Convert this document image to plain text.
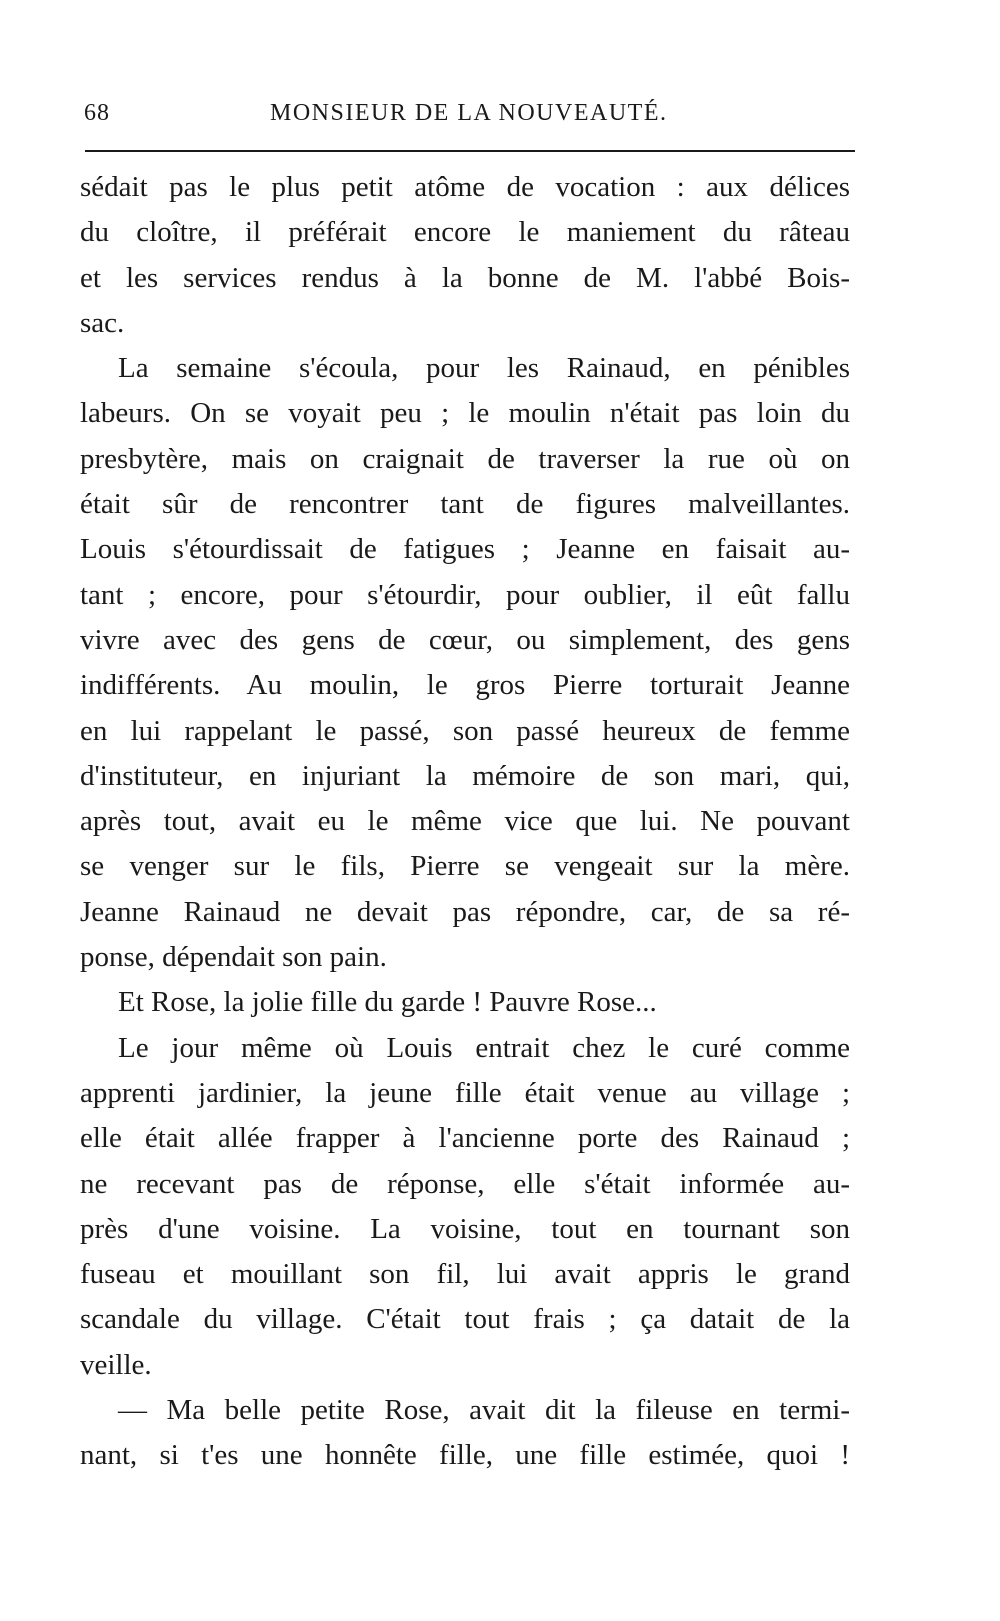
68	MONSIEUR DE LA NOUVEAUTÉ.
sédait pas le plus petit atôme de vocation : aux délices
du cloître, il préférait encore le maniement du râteau
et les services rendus à la bonne de M. l'abbé Bois-
sac.
La semaine s'écoula, pour les Rainaud, en pénibles
labeurs. On se voyait peu ; le moulin n'était pas loin du
presbytère, mais on craignait de traverser la rue où on
était sûr de rencontrer tant de figures malveillantes.
Louis s'étourdissait de fatigues ; Jeanne en faisait au-
tant ; encore, pour s'étourdir, pour oublier, il eût fallu
vivre avec des gens de cœur, ou simplement, des gens
indifférents. Au moulin, le gros Pierre torturait Jeanne
en lui rappelant le passé, son passé heureux de femme
d'instituteur, en injuriant la mémoire de son mari, qui,
après tout, avait eu le même vice que lui. Ne pouvant
se venger sur le fils, Pierre se vengeait sur la mère.
Jeanne Rainaud ne devait pas répondre, car, de sa ré-
ponse, dépendait son pain.
Et Rose, la jolie fille du garde ! Pauvre Rose...
Le jour même où Louis entrait chez le curé comme
apprenti jardinier, la jeune fille était venue au village ;
elle était allée frapper à l'ancienne porte des Rainaud ;
ne recevant pas de réponse, elle s'était informée au-
près d'une voisine. La voisine, tout en tournant son
fuseau et mouillant son fil, lui avait appris le grand
scandale du village. C'était tout frais ; ça datait de la
veille.
— Ma belle petite Rose, avait dit la fileuse en termi-
nant, si t'es une honnête fille, une fille estimée, quoi !
